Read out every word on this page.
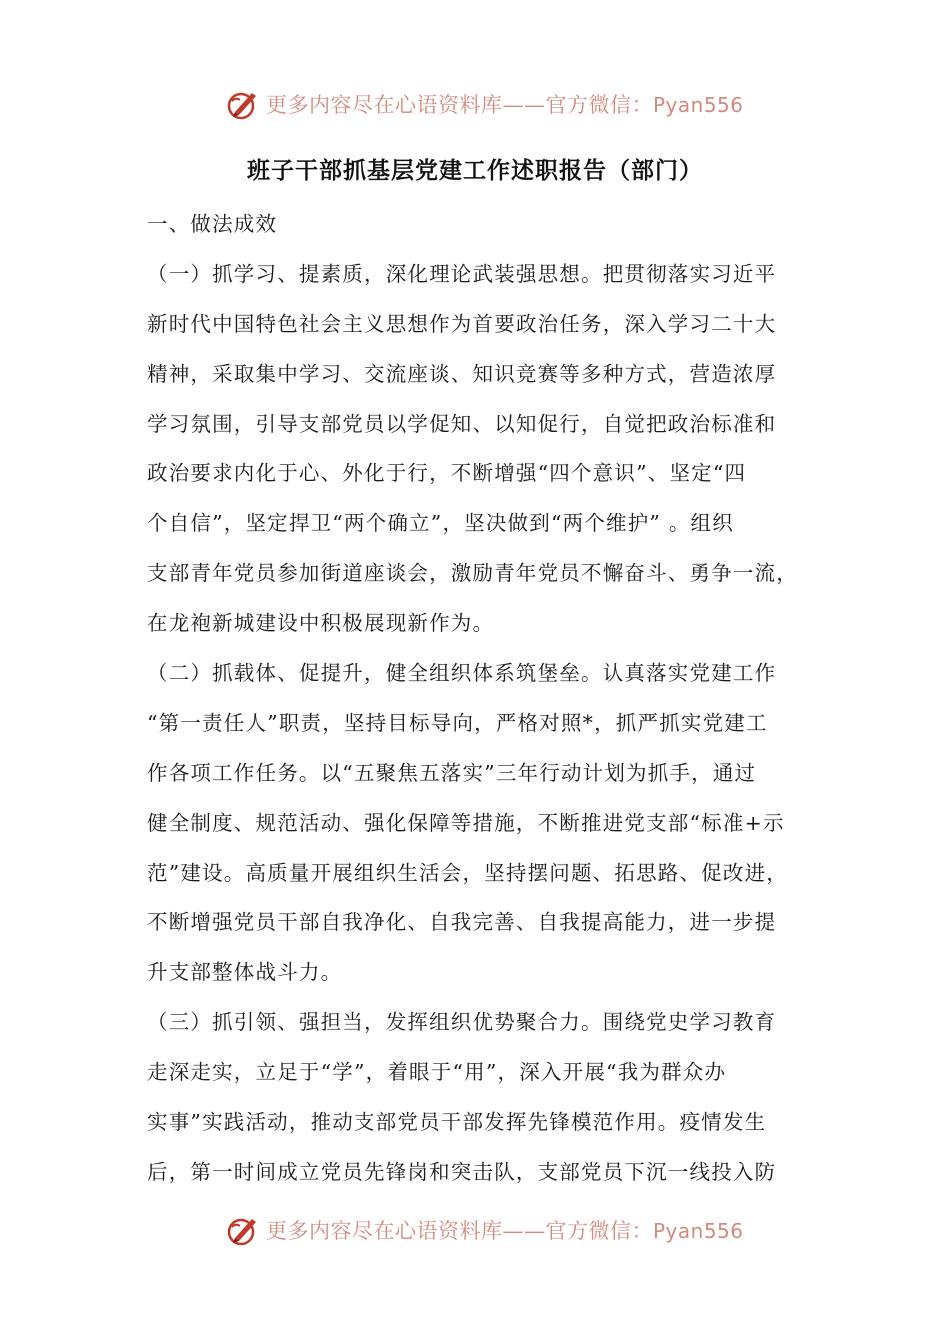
更多内容尽在心语资料库——官方微信：Pyan556
班子干部抓基层党建工作述职报告（部门）
一、做法成效
（一）抓学习、提素质，深化理论武装强思想。把贯彻落实习近平
新时代中国特色社会主义思想作为首要政治任务，深入学习二十大
精神，采取集中学习、交流座谈、知识竞赛等多种方式，营造浓厚
学习氛围，引导支部党员以学促知、以知促行，自觉把政治标准和
政治要求内化于心、外化于行，不断增强“四个意识”、坚定“四
个自信”，坚定捍卫“两个确立”，坚决做到“两个维护” 。组织
支部青年党员参加街道座谈会，激励青年党员不懈奋斗、勇争一流，
在龙袍新城建设中积极展现新作为。
（二）抓载体、促提升，健全组织体系筑堡垒。认真落实党建工作
“第一责任人”职责，坚持目标导向，严格对照*，抓严抓实党建工
作各项工作任务。以“五聚焦五落实”三年行动计划为抓手，通过
健全制度、规范活动、强化保障等措施，不断推进党支部“标准+示
范”建设。高质量开展组织生活会，坚持摆问题、拓思路、促改进，
不断增强党员干部自我净化、自我完善、自我提高能力，进一步提
升支部整体战斗力。
（三）抓引领、强担当，发挥组织优势聚合力。围绕党史学习教育
走深走实，立足于“学”，着眼于“用”，深入开展“我为群众办
实事”实践活动，推动支部党员干部发挥先锋模范作用。疫情发生
后，第一时间成立党员先锋岗和突击队，支部党员下沉一线投入防
更多内容尽在心语资料库——官方微信：Pyan556
